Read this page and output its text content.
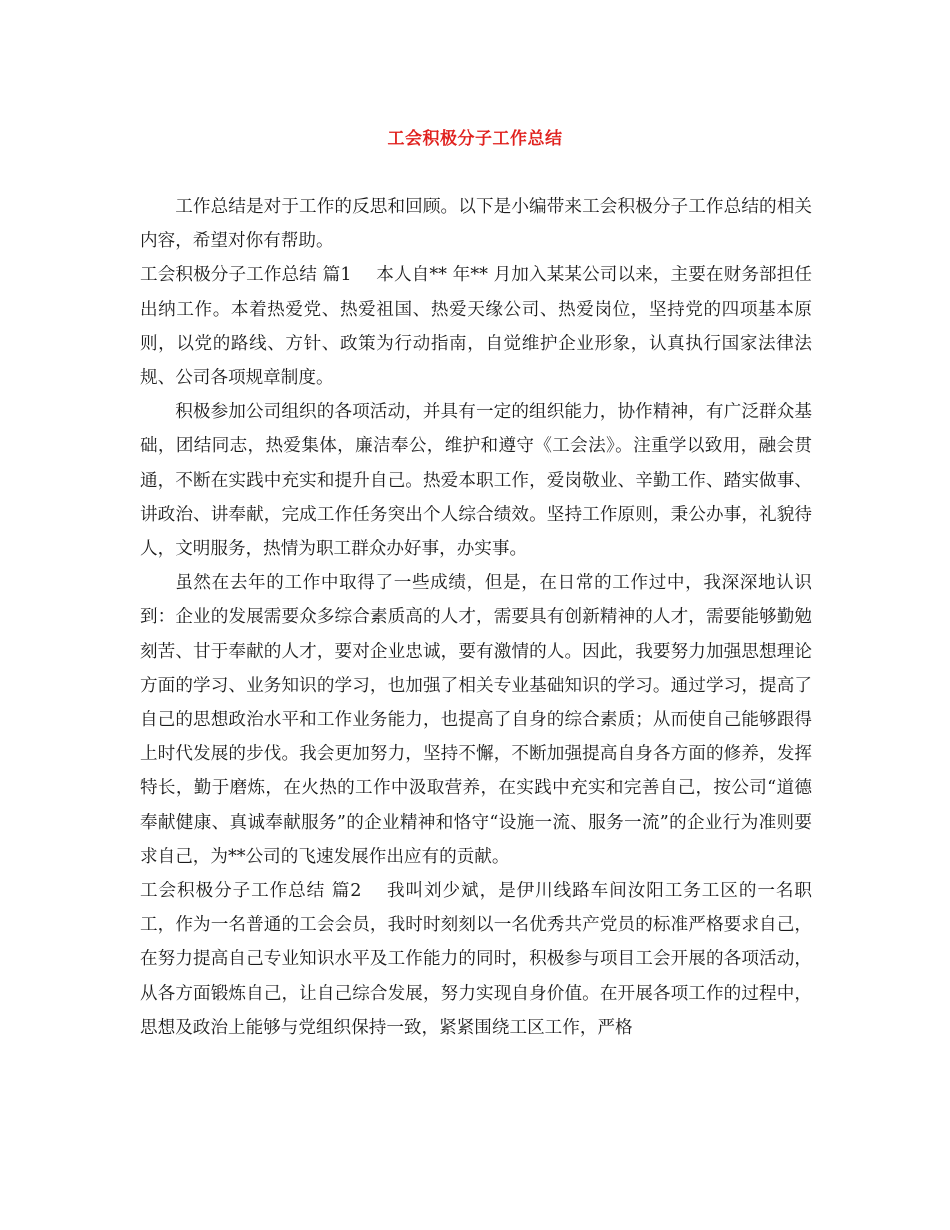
工会积极分子工作总结

工作总结是对于工作的反思和回顾。以下是小编带来工会积极分子工作总结的相关内容，希望对你有帮助。

工会积极分子工作总结 篇1 本人自** 年** 月加入某某公司以来，主要在财务部担任出纳工作。本着热爱党、热爱祖国、热爱天缘公司、热爱岗位，坚持党的四项基本原则，以党的路线、方针、政策为行动指南，自觉维护企业形象，认真执行国家法律法规、公司各项规章制度。

积极参加公司组织的各项活动，并具有一定的组织能力，协作精神，有广泛群众基础，团结同志，热爱集体，廉洁奉公，维护和遵守《工会法》。注重学以致用，融会贯通，不断在实践中充实和提升自己。热爱本职工作，爱岗敬业、辛勤工作、踏实做事、讲政治、讲奉献，完成工作任务突出个人综合绩效。坚持工作原则，秉公办事，礼貌待人，文明服务，热情为职工群众办好事，办实事。

虽然在去年的工作中取得了一些成绩，但是，在日常的工作过中，我深深地认识到：企业的发展需要众多综合素质高的人才，需要具有创新精神的人才，需要能够勤勉刻苦、甘于奉献的人才，要对企业忠诚，要有激情的人。因此，我要努力加强思想理论方面的学习、业务知识的学习，也加强了相关专业基础知识的学习。通过学习，提高了自己的思想政治水平和工作业务能力，也提高了自身的综合素质；从而使自己能够跟得上时代发展的步伐。我会更加努力，坚持不懈，不断加强提高自身各方面的修养，发挥特长，勤于磨炼，在火热的工作中汲取营养，在实践中充实和完善自己，按公司“道德奉献健康、真诚奉献服务”的企业精神和恪守“设施一流、服务一流”的企业行为准则要求自己，为**公司的飞速发展作出应有的贡献。

工会积极分子工作总结 篇2 我叫刘少斌，是伊川线路车间汝阳工务工区的一名职工，作为一名普通的工会会员，我时时刻刻以一名优秀共产党员的标准严格要求自己，在努力提高自己专业知识水平及工作能力的同时，积极参与项目工会开展的各项活动，从各方面锻炼自己，让自己综合发展，努力实现自身价值。在开展各项工作的过程中，思想及政治上能够与党组织保持一致，紧紧围绕工区工作，严格
